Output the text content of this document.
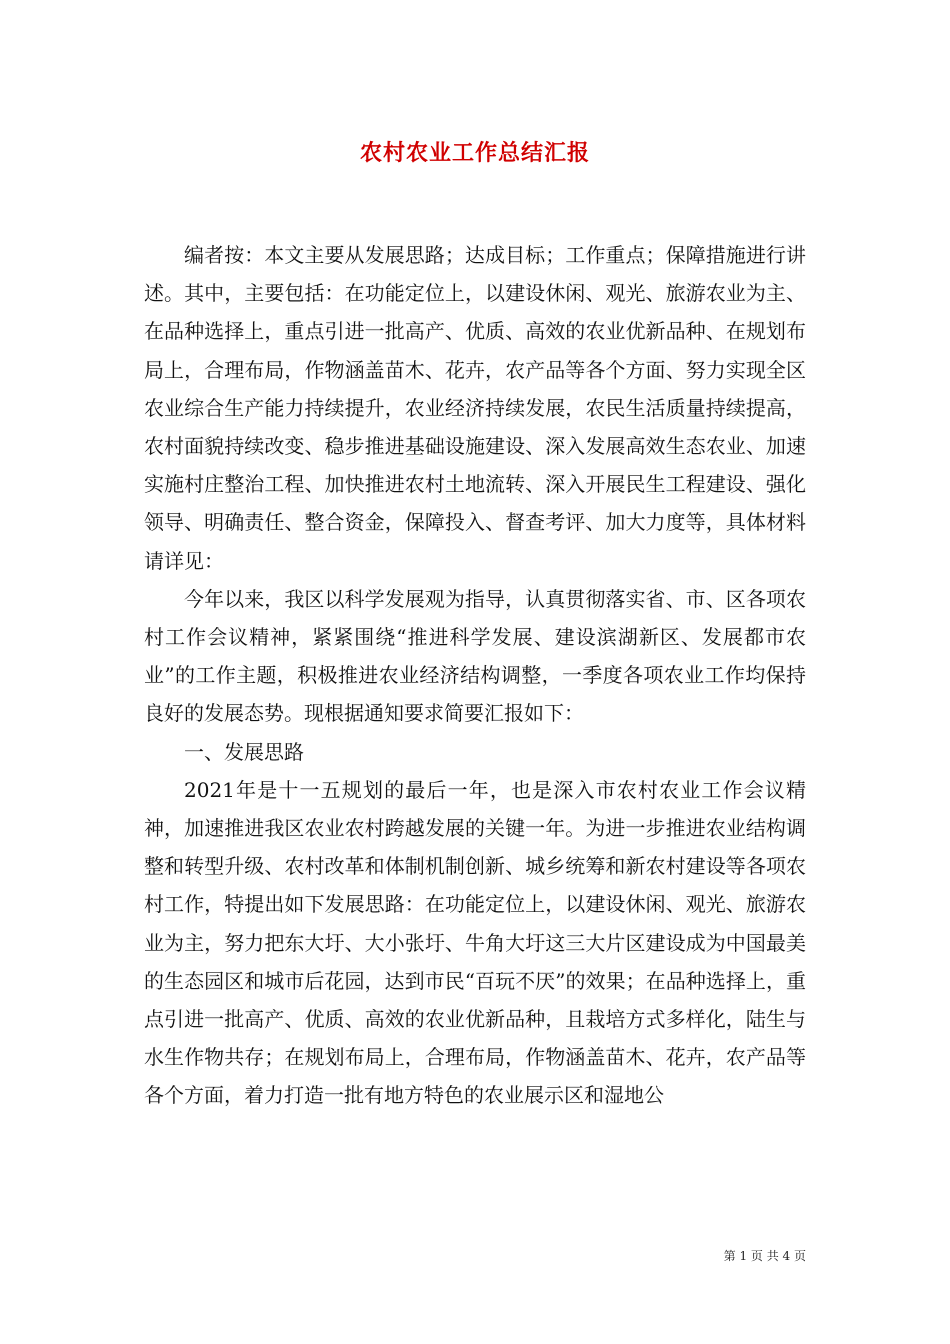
农村农业工作总结汇报

编者按：本文主要从发展思路；达成目标；工作重点；保障措施进行讲述。其中，主要包括：在功能定位上，以建设休闲、观光、旅游农业为主、在品种选择上，重点引进一批高产、优质、高效的农业优新品种、在规划布局上，合理布局，作物涵盖苗木、花卉，农产品等各个方面、努力实现全区农业综合生产能力持续提升，农业经济持续发展，农民生活质量持续提高，农村面貌持续改变、稳步推进基础设施建设、深入发展高效生态农业、加速实施村庄整治工程、加快推进农村土地流转、深入开展民生工程建设、强化领导、明确责任、整合资金，保障投入、督查考评、加大力度等，具体材料请详见：

今年以来，我区以科学发展观为指导，认真贯彻落实省、市、区各项农村工作会议精神，紧紧围绕“推进科学发展、建设滨湖新区、发展都市农业”的工作主题，积极推进农业经济结构调整，一季度各项农业工作均保持良好的发展态势。现根据通知要求简要汇报如下：

一、发展思路

2021年是十一五规划的最后一年，也是深入市农村农业工作会议精神，加速推进我区农业农村跨越发展的关键一年。为进一步推进农业结构调整和转型升级、农村改革和体制机制创新、城乡统筹和新农村建设等各项农村工作，特提出如下发展思路：在功能定位上，以建设休闲、观光、旅游农业为主，努力把东大圩、大小张圩、牛角大圩这三大片区建设成为中国最美的生态园区和城市后花园，达到市民“百玩不厌”的效果；在品种选择上，重点引进一批高产、优质、高效的农业优新品种，且栽培方式多样化，陆生与水生作物共存；在规划布局上，合理布局，作物涵盖苗木、花卉，农产品等各个方面，着力打造一批有地方特色的农业展示区和湿地公

第 1 页 共 4 页
